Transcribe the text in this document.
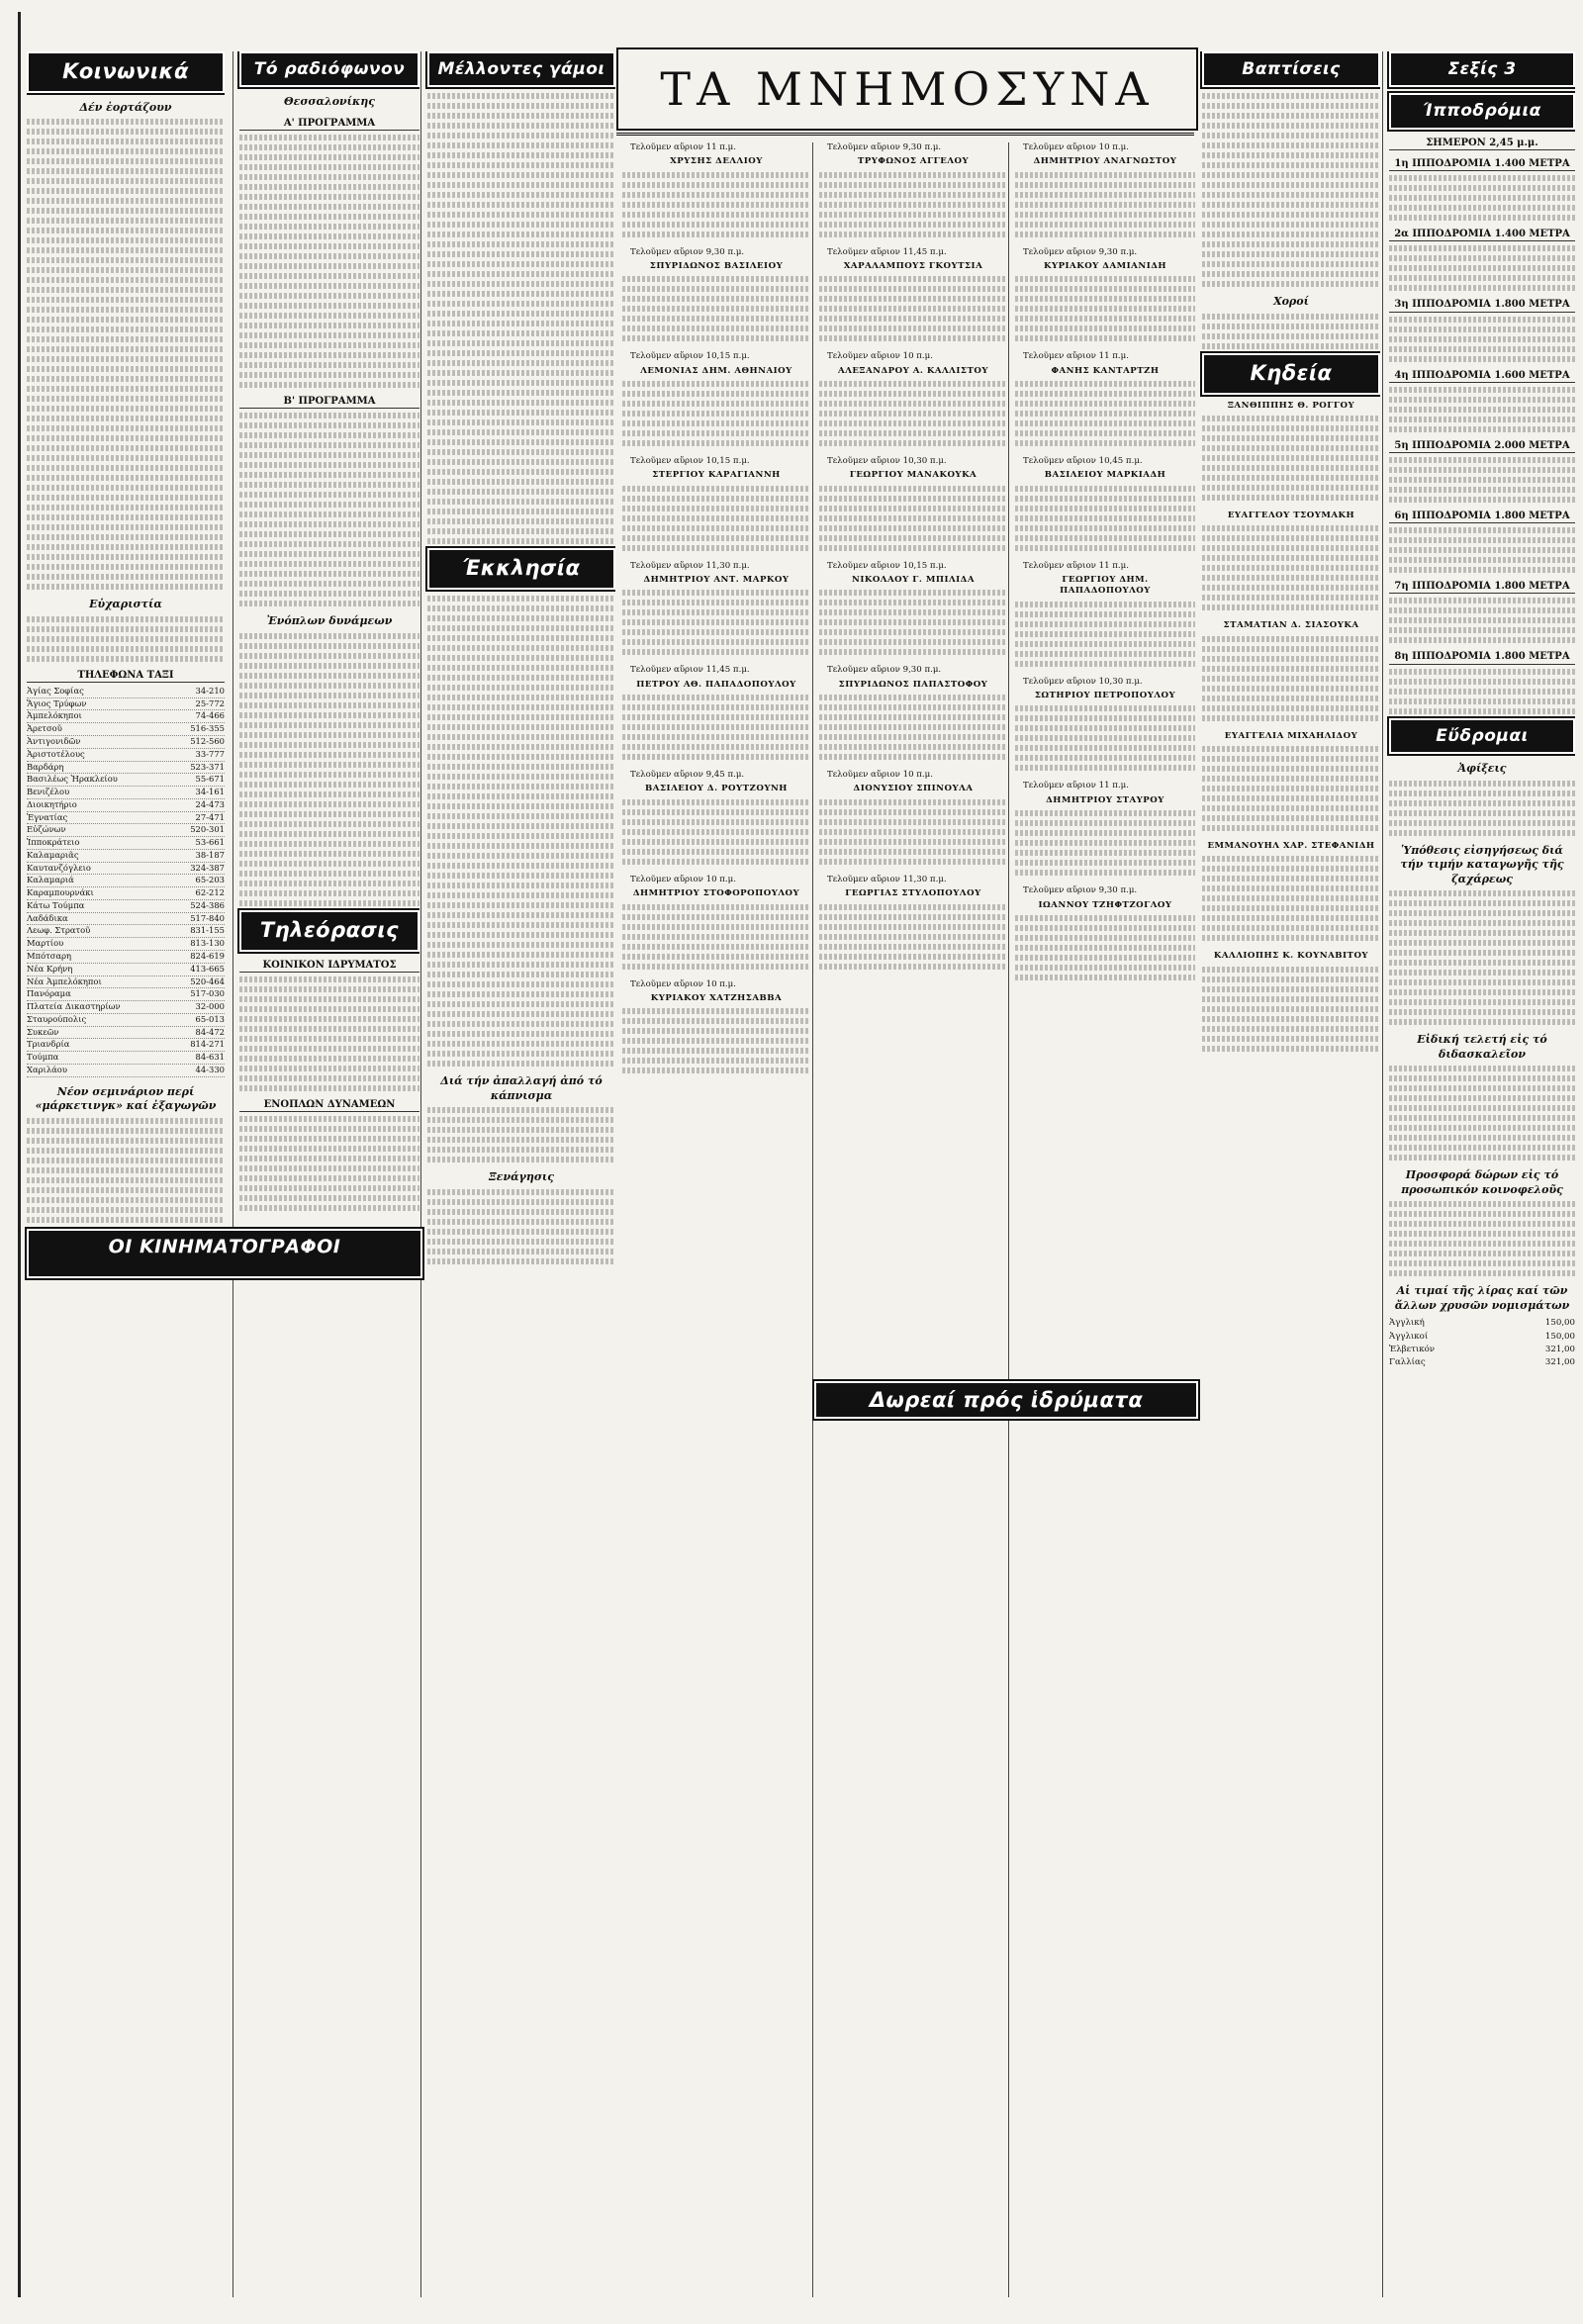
Κοινωνικά
Δέν ἑορτάζουν
Εὐχαριστία
ΤΗΛΕΦΩΝΑ ΤΑΞΙ
Ἁγίας Σοφίας	34-210
Ἅγιος Τρύφων	25-772
Ἀμπελόκηποι	74-466
Ἀρετσοῦ	516-355
Ἀντιγονιδῶν	512-560
Ἀριστοτέλους	33-777
Βαρδάρη	523-371
Βασιλέως Ἡρακλείου	55-671
Βενιζέλου	34-161
Διοικητήριο	24-473
Ἐγνατίας	27-471
Εὐζώνων	520-301
Ἱπποκράτειο	53-661
Καλαμαριᾶς	38-187
Καυτανζόγλειο	324-387
Καλαμαριά	65-203
Καραμπουρνάκι	62-212
Κάτω Τούμπα	524-386
Λαδάδικα	517-840
Λεωφ. Στρατοῦ	831-155
Μαρτίου	813-130
Μπότσαρη	824-619
Νέα Κρήνη	413-665
Νέα Ἀμπελόκηποι	520-464
Πανόραμα	517-030
Πλατεία Δικαστηρίων	32-000
Σταυρούπολις	65-013
Συκεῶν	84-472
Τριανδρία	814-271
Τούμπα	84-631
Χαριλάου	44-330
Νέον σεμινάριον περί «μάρκετινγκ» καί ἐξαγωγῶν
Τό ραδιόφωνον
Θεσσαλονίκης
Α' ΠΡΟΓΡΑΜΜΑ
Β' ΠΡΟΓΡΑΜΜΑ
Ἐνόπλων δυνάμεων
Τηλεόρασις
ΚΟΙΝΙΚΟΝ ΙΔΡΥΜΑΤΟΣ
ΕΝΟΠΛΩΝ ΔΥΝΑΜΕΩΝ
Μέλλοντες γάμοι
Έκκλησία
Διά τήν ἀπαλλαγή ἀπό τό κάπνισμα
Ξενάγησις
ΟΙ ΚΙΝΗΜΑΤΟΓΡΑΦΟΙ
ΤΑ ΜΝΗΜΟΣΥΝΑ

Τελοῦμεν αὔριον 11 π.μ.

ΧΡΥΣΗΣ ΔΕΛΛΙΟΥ

Τελοῦμεν αὔριον 9,30 π.μ.

ΣΠΥΡΙΔΩΝΟΣ ΒΑΣΙΛΕΙΟΥ

Τελοῦμεν αὔριον 10,15 π.μ.

ΛΕΜΟΝΙΑΣ ΔΗΜ. ΑΘΗΝΑΙΟΥ

Τελοῦμεν αὔριον 10,15 π.μ.

ΣΤΕΡΓΙΟΥ ΚΑΡΑΓΙΑΝΝΗ

Τελοῦμεν αὔριον 11,30 π.μ.

ΔΗΜΗΤΡΙΟΥ ΑΝΤ. ΜΑΡΚΟΥ

Τελοῦμεν αὔριον 11,45 π.μ.

ΠΕΤΡΟΥ ΑΘ. ΠΑΠΑΔΟΠΟΥΛΟΥ

Τελοῦμεν αὔριον 9,45 π.μ.

ΒΑΣΙΛΕΙΟΥ Δ. ΡΟΥΤΖΟΥΝΗ

Τελοῦμεν αὔριον 10 π.μ.

ΔΗΜΗΤΡΙΟΥ ΣΤΟΦΟΡΟΠΟΥΛΟΥ

Τελοῦμεν αὔριον 10 π.μ.

ΚΥΡΙΑΚΟΥ ΧΑΤΖΗΣΑΒΒΑ

Τελοῦμεν αὔριον 9,30 π.μ.

ΤΡΥΦΩΝΟΣ ΑΓΓΕΛΟΥ

Τελοῦμεν αὔριον 11,45 π.μ.

ΧΑΡΑΛΑΜΠΟΥΣ ΓΚΟΥΤΣΙΑ

Τελοῦμεν αὔριον 10 π.μ.

ΑΛΕΞΑΝΔΡΟΥ Α. ΚΑΛΛΙΣΤΟΥ

Τελοῦμεν αὔριον 10,30 π.μ.

ΓΕΩΡΓΙΟΥ ΜΑΝΑΚΟΥΚΑ

Τελοῦμεν αὔριον 10,15 π.μ.

ΝΙΚΟΛΑΟΥ Γ. ΜΠΙΛΙΔΑ

Τελοῦμεν αὔριον 9,30 π.μ.

ΣΠΥΡΙΔΩΝΟΣ ΠΑΠΑΣΤΟΦΟΥ

Τελοῦμεν αὔριον 10 π.μ.

ΔΙΟΝΥΣΙΟΥ ΣΠΙΝΟΥΛΑ

Τελοῦμεν αὔριον 11,30 π.μ.

ΓΕΩΡΓΙΑΣ ΣΤΥΛΟΠΟΥΛΟΥ

Τελοῦμεν αὔριον 10 π.μ.

ΔΗΜΗΤΡΙΟΥ ΑΝΑΓΝΩΣΤΟΥ

Τελοῦμεν αὔριον 9,30 π.μ.

ΚΥΡΙΑΚΟΥ ΔΑΜΙΑΝΙΔΗ

Τελοῦμεν αὔριον 11 π.μ.

ΦΑΝΗΣ ΚΑΝΤΑΡΤΖΗ

Τελοῦμεν αὔριον 10,45 π.μ.

ΒΑΣΙΛΕΙΟΥ ΜΑΡΚΙΑΔΗ

Τελοῦμεν αὔριον 11 π.μ.

ΓΕΩΡΓΙΟΥ ΔΗΜ. ΠΑΠΑΔΟΠΟΥΛΟΥ

Τελοῦμεν αὔριον 10,30 π.μ.

ΣΩΤΗΡΙΟΥ ΠΕΤΡΟΠΟΥΛΟΥ

Τελοῦμεν αὔριον 11 π.μ.

ΔΗΜΗΤΡΙΟΥ ΣΤΑΥΡΟΥ

Τελοῦμεν αὔριον 9,30 π.μ.

ΙΩΑΝΝΟΥ ΤΖΗΦΤΖΟΓΛΟΥ
Δωρεαί πρός ἱδρύματα
Βαπτίσεις
Χοροί
Κηδεία
ΞΑΝΘΙΠΠΗΣ Θ. ΡΟΓΓΟΥ
ΕΥΑΓΓΕΛΟΥ ΤΣΟΥΜΑΚΗ
ΣΤΑΜΑΤΙΑΝ Δ. ΣΙΑΣΟΥΚΑ
ΕΥΑΓΓΕΛΙΑ ΜΙΧΑΗΛΙΔΟΥ
ΕΜΜΑΝΟΥΗΛ ΧΑΡ. ΣΤΕΦΑΝΙΔΗ
ΚΑΛΛΙΟΠΗΣ Κ. ΚΟΥΝΑΒΙΤΟΥ
Σεξίς 3
Ίπποδρόμια
ΣΗΜΕΡΟΝ 2,45 μ.μ.
1η ΙΠΠΟΔΡΟΜΙΑ 1.400 ΜΕΤΡΑ
2α ΙΠΠΟΔΡΟΜΙΑ 1.400 ΜΕΤΡΑ
3η ΙΠΠΟΔΡΟΜΙΑ 1.800 ΜΕΤΡΑ
4η ΙΠΠΟΔΡΟΜΙΑ 1.600 ΜΕΤΡΑ
5η ΙΠΠΟΔΡΟΜΙΑ 2.000 ΜΕΤΡΑ
6η ΙΠΠΟΔΡΟΜΙΑ 1.800 ΜΕΤΡΑ
7η ΙΠΠΟΔΡΟΜΙΑ 1.800 ΜΕΤΡΑ
8η ΙΠΠΟΔΡΟΜΙΑ 1.800 ΜΕΤΡΑ
Εὔδρομαι
Ἀφίξεις
Ὑπόθεσις εἰσηγήσεως διά τήν τιμήν καταγωγῆς τῆς ζαχάρεως
Εἰδική τελετή εἰς τό διδασκαλεῖον
Προσφορά δώρων εἰς τό προσωπικόν κοινοφελοῦς
Αἱ τιμαί τῆς λίρας καί τῶν ἄλλων χρυσῶν νομισμάτων
Ἀγγλική	150,00
Ἀγγλικοί	150,00
Ἑλβετικόν	321,00
Γαλλίας	321,00
